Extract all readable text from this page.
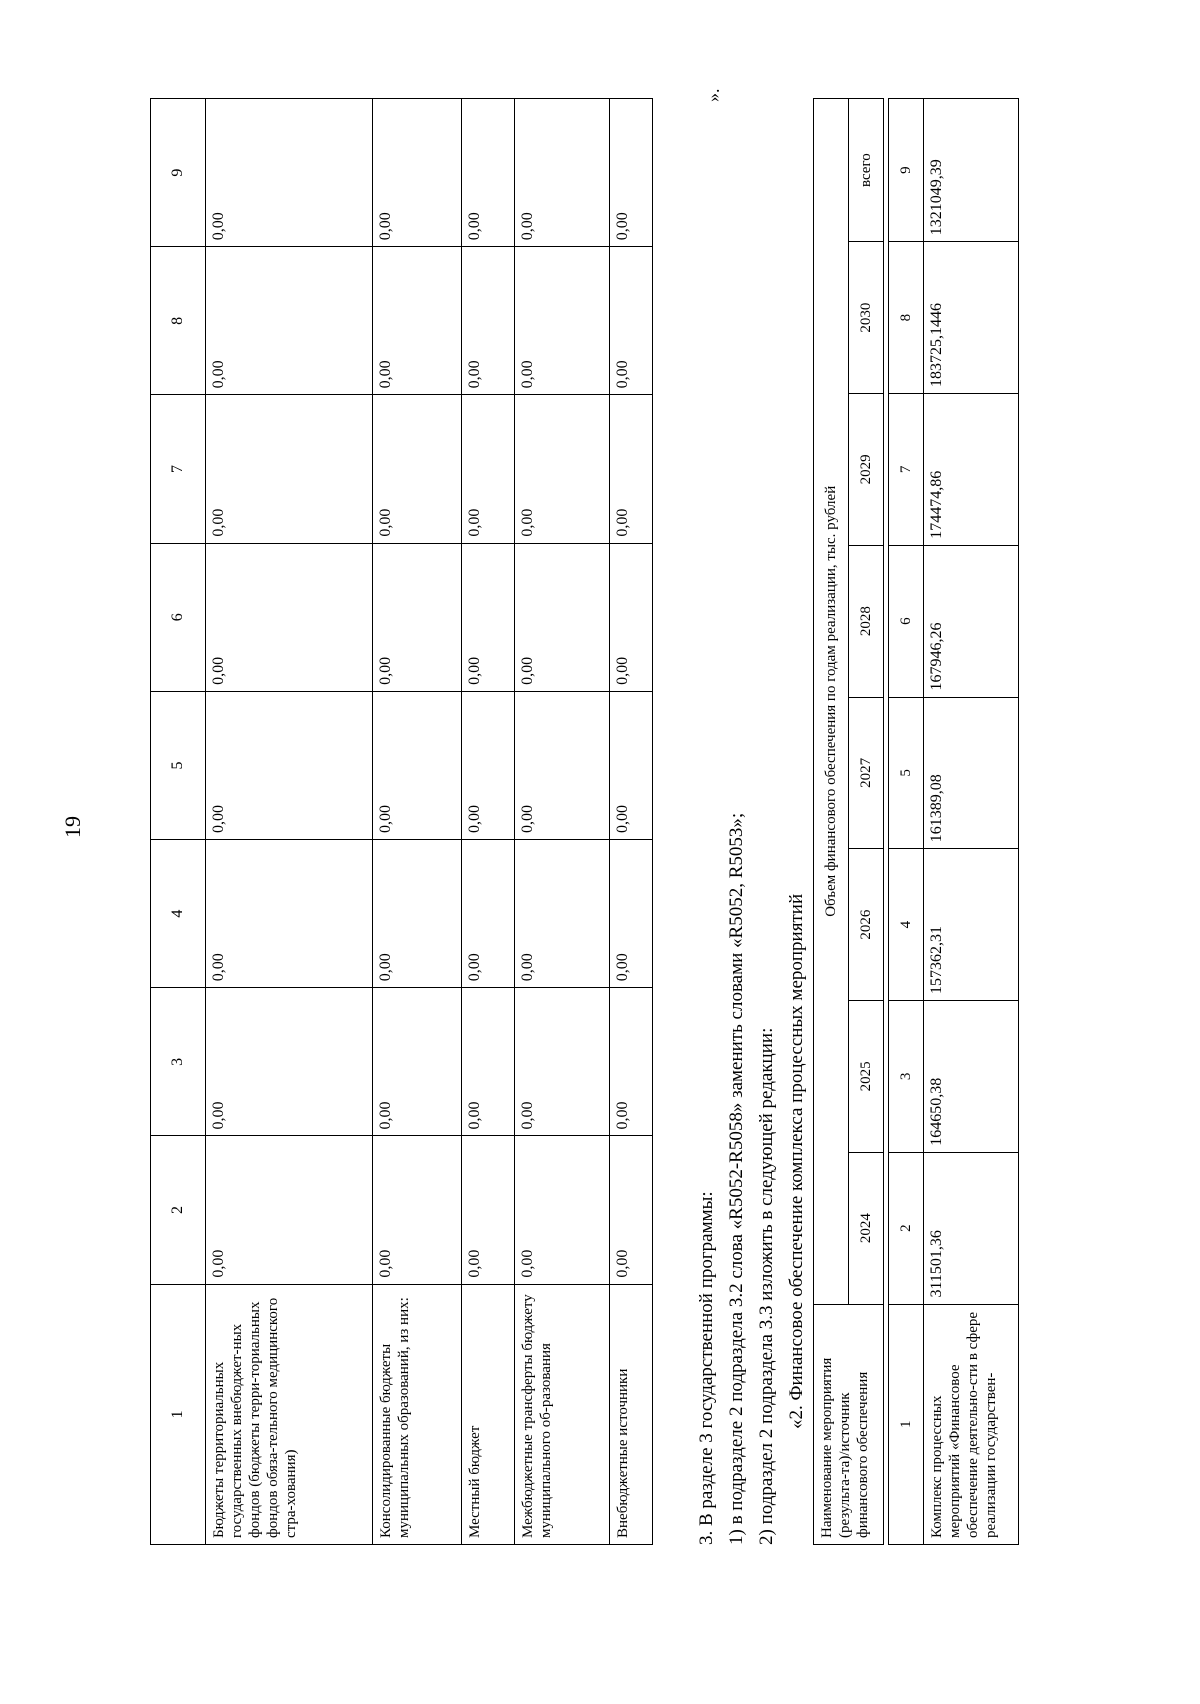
19
1	2	3	4	5	6	7	8	9
Бюджеты территориальных государственных внебюджет-ных фондов (бюджеты терри-ториальных фондов обяза-тельного медицинского стра-хования)	0,00	0,00	0,00	0,00	0,00	0,00	0,00	0,00
Консолидированные бюджеты муниципальных образований, из них:	0,00	0,00	0,00	0,00	0,00	0,00	0,00	0,00
Местный бюджет	0,00	0,00	0,00	0,00	0,00	0,00	0,00	0,00
Межбюджетные трансферты бюджету муниципального об-разования	0,00	0,00	0,00	0,00	0,00	0,00	0,00	0,00
Внебюджетные источники	0,00	0,00	0,00	0,00	0,00	0,00	0,00	0,00
».
3. В разделе 3 государственной программы: 1) в подразделе 2 подраздела 3.2 слова «R5052-R5058» заменить словами «R5052, R5053»; 2) подраздел 2 подраздела 3.3 изложить в следующей редакции: «2. Финансовое обеспечение комплекса процессных мероприятий
Наименование мероприятия (результа-та)/источник финансового обеспечения	Объем финансового обеспечения по годам реализации, тыс. рублей							
	2024	2025	2026	2027	2028	2029	2030	всего

1	2	3	4	5	6	7	8	9
Комплекс процессных мероприятий «Финансовое обеспечение деятельно-сти в сфере реализации государствен-	311501,36	164650,38	157362,31	161389,08	167946,26	174474,86	183725,1446	1321049,39
